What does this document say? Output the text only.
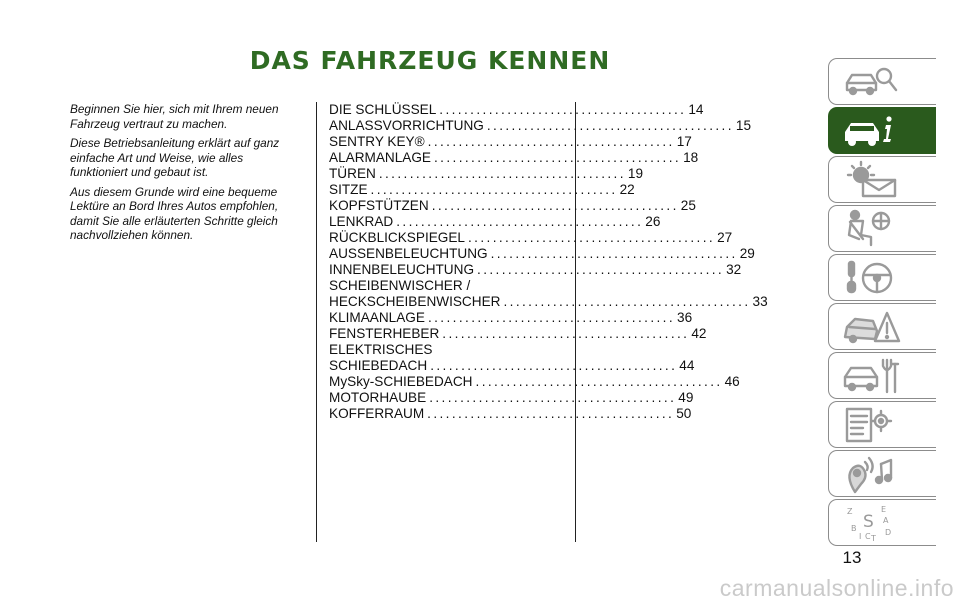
DAS FAHRZEUG KENNEN

Beginnen Sie hier, sich mit Ihrem neuen Fahrzeug vertraut zu machen.

Diese Betriebsanleitung erklärt auf ganz einfache Art und Weise, wie alles funktioniert und gebaut ist.

Aus diesem Grunde wird eine bequeme Lektüre an Bord Ihres Autos empfohlen, damit Sie alle erläuterten Schritte gleich nachvollziehen können.

DIE SCHLÜSSEL ........................................ 14
ANLASSVORRICHTUNG ........................................ 15
SENTRY KEY® ........................................ 17
ALARMANLAGE ........................................ 18
TÜREN ........................................ 19
SITZE ........................................ 22
KOPFSTÜTZEN ........................................ 25
LENKRAD ........................................ 26
RÜCKBLICKSPIEGEL ........................................ 27
AUSSENBELEUCHTUNG ........................................ 29
INNENBELEUCHTUNG ........................................ 32
SCHEIBENWISCHER /
HECKSCHEIBENWISCHER ........................................ 33
KLIMAANLAGE ........................................ 36
FENSTERHEBER ........................................ 42
ELEKTRISCHES
SCHIEBEDACH ........................................ 44
MySky-SCHIEBEDACH ........................................ 46
MOTORHAUBE ........................................ 49
KOFFERRAUM ........................................ 50
Z	E
B S A
I C T
D
13
carmanualsonline.info
